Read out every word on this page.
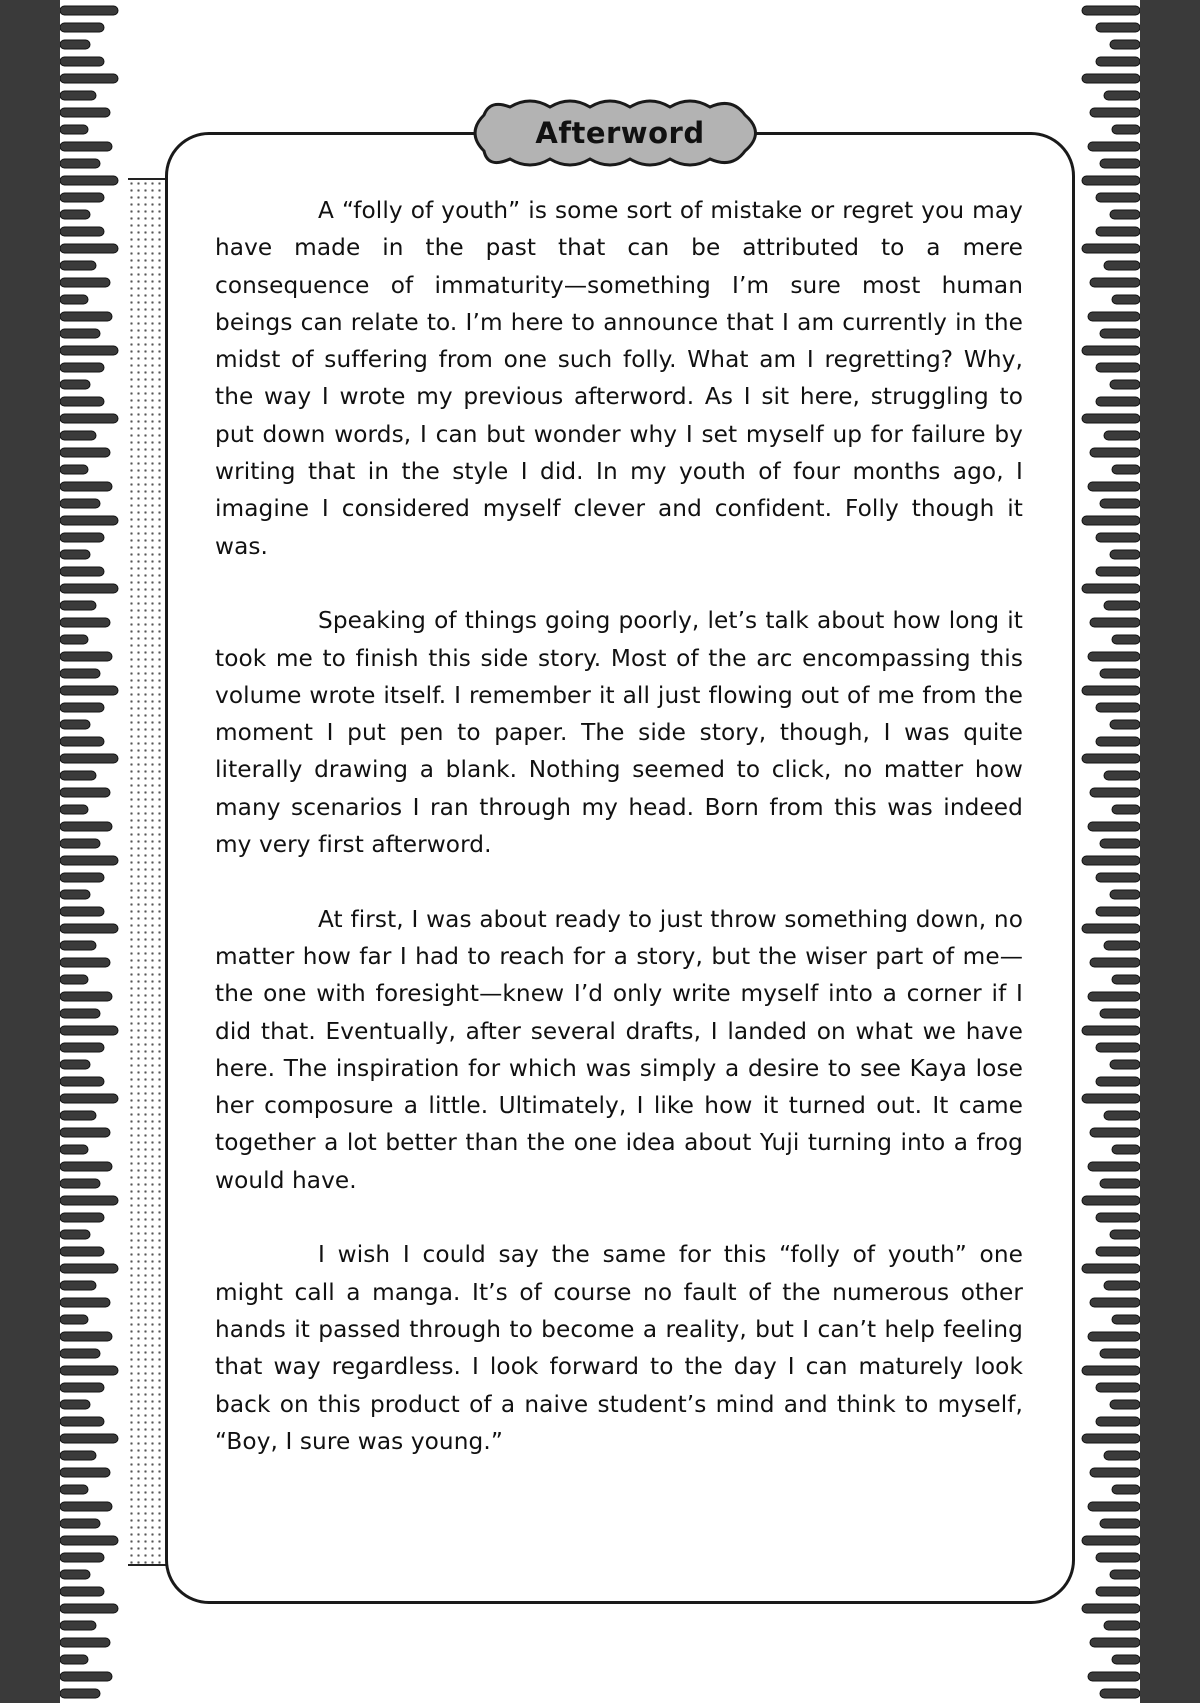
Afterword

A “folly of youth” is some sort of mistake or regret you may have made in the past that can be attributed to a mere consequence of immaturity—something I’m sure most human beings can relate to. I’m here to announce that I am currently in the midst of suffering from one such folly. What am I regretting? Why, the way I wrote my previous afterword. As I sit here, struggling to put down words, I can but wonder why I set myself up for failure by writing that in the style I did. In my youth of four months ago, I imagine I considered myself clever and confident. Folly though it was.

Speaking of things going poorly, let’s talk about how long it took me to finish this side story. Most of the arc encompassing this volume wrote itself. I remember it all just flowing out of me from the moment I put pen to paper. The side story, though, I was quite literally drawing a blank. Nothing seemed to click, no matter how many scenarios I ran through my head. Born from this was indeed my very first afterword.

At first, I was about ready to just throw something down, no matter how far I had to reach for a story, but the wiser part of me—the one with foresight—knew I’d only write myself into a corner if I did that. Eventually, after several drafts, I landed on what we have here. The inspiration for which was simply a desire to see Kaya lose her composure a little. Ultimately, I like how it turned out. It came together a lot better than the one idea about Yuji turning into a frog would have.

I wish I could say the same for this “folly of youth” one might call a manga. It’s of course no fault of the numerous other hands it passed through to become a reality, but I can’t help feeling that way regardless. I look forward to the day I can maturely look back on this product of a naive student’s mind and think to myself, “Boy, I sure was young.”
